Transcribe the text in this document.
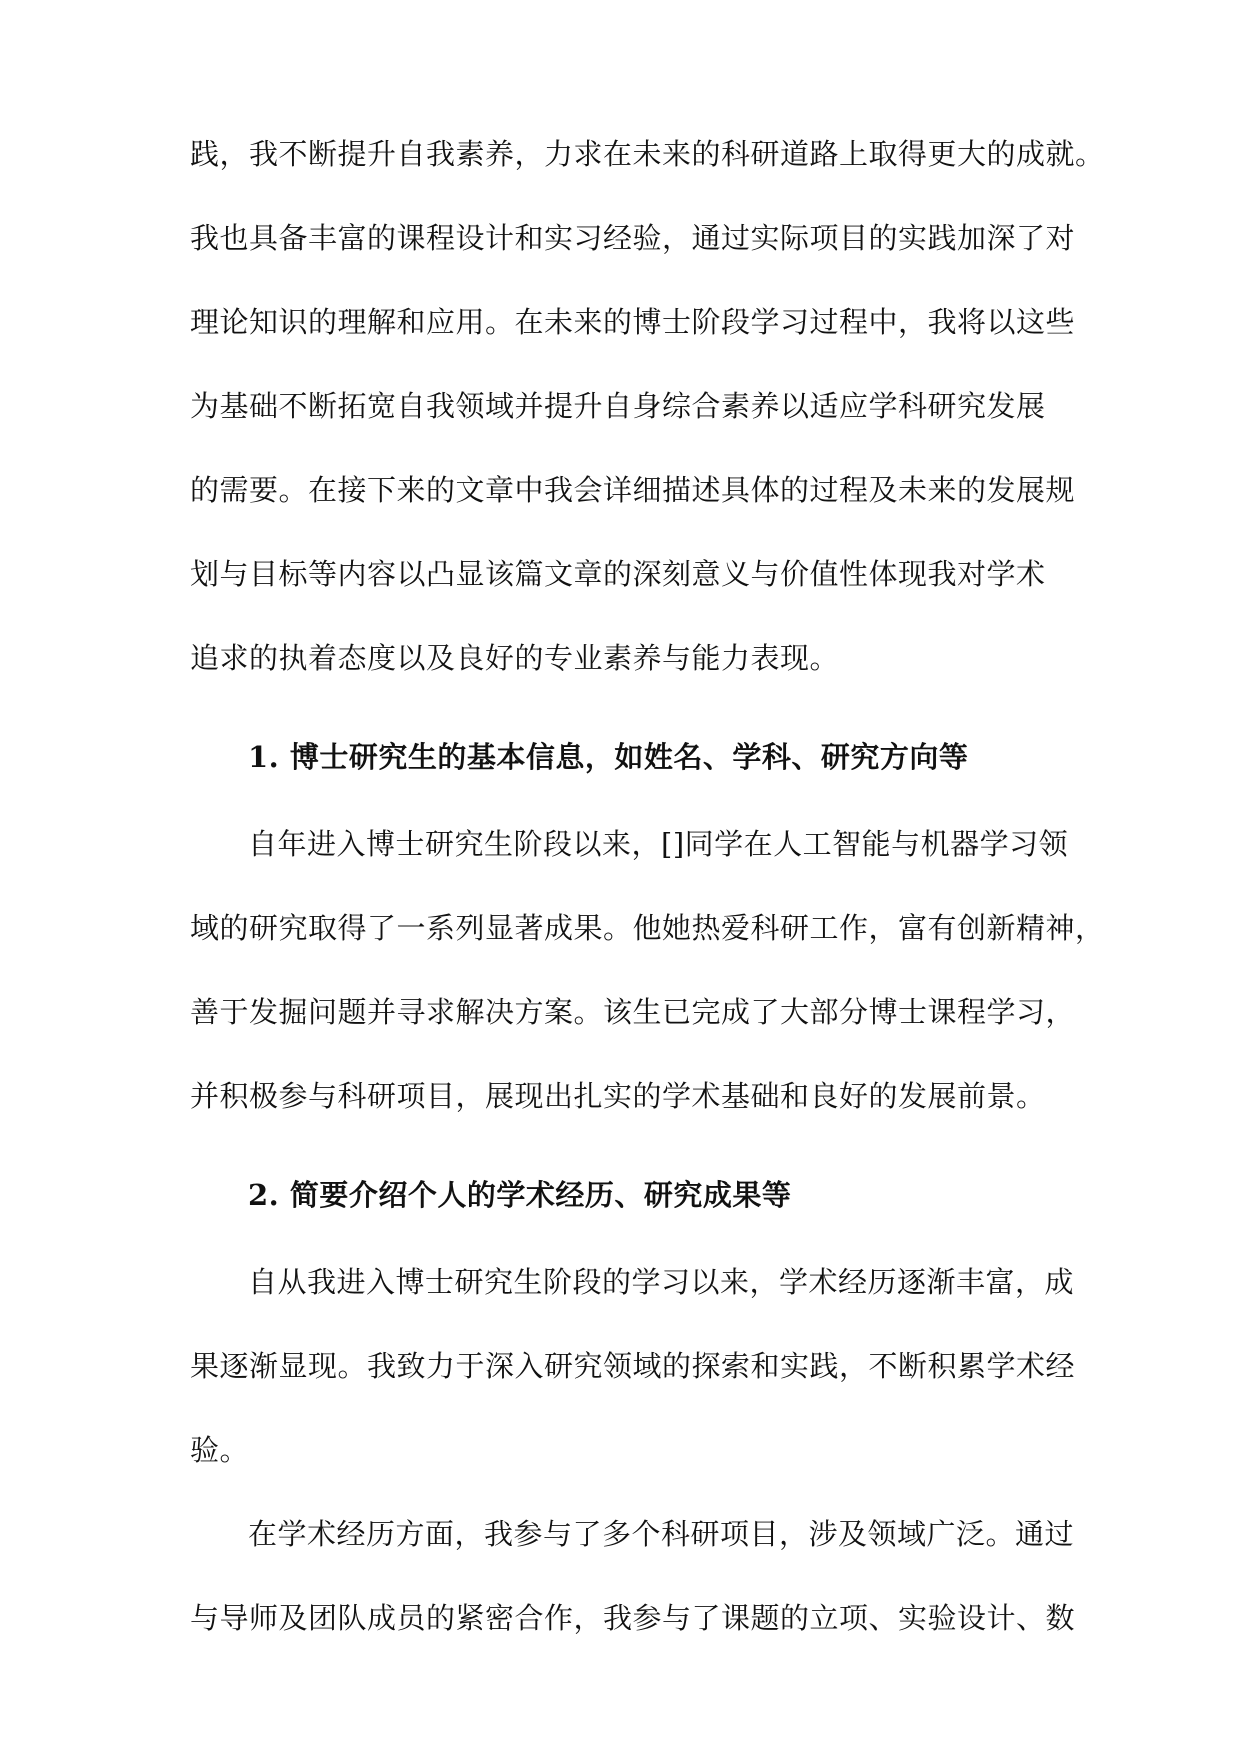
践，我不断提升自我素养，力求在未来的科研道路上取得更大的成就。
我也具备丰富的课程设计和实习经验，通过实际项目的实践加深了对
理论知识的理解和应用。在未来的博士阶段学习过程中，我将以这些
为基础不断拓宽自我领域并提升自身综合素养以适应学科研究发展
的需要。在接下来的文章中我会详细描述具体的过程及未来的发展规
划与目标等内容以凸显该篇文章的深刻意义与价值性体现我对学术
追求的执着态度以及良好的专业素养与能力表现。
1. 博士研究生的基本信息，如姓名、学科、研究方向等
自年进入博士研究生阶段以来，[]同学在人工智能与机器学习领
域的研究取得了一系列显著成果。他她热爱科研工作，富有创新精神，
善于发掘问题并寻求解决方案。该生已完成了大部分博士课程学习，
并积极参与科研项目，展现出扎实的学术基础和良好的发展前景。
2. 简要介绍个人的学术经历、研究成果等
自从我进入博士研究生阶段的学习以来，学术经历逐渐丰富，成
果逐渐显现。我致力于深入研究领域的探索和实践，不断积累学术经
验。
在学术经历方面，我参与了多个科研项目，涉及领域广泛。通过
与导师及团队成员的紧密合作，我参与了课题的立项、实验设计、数
